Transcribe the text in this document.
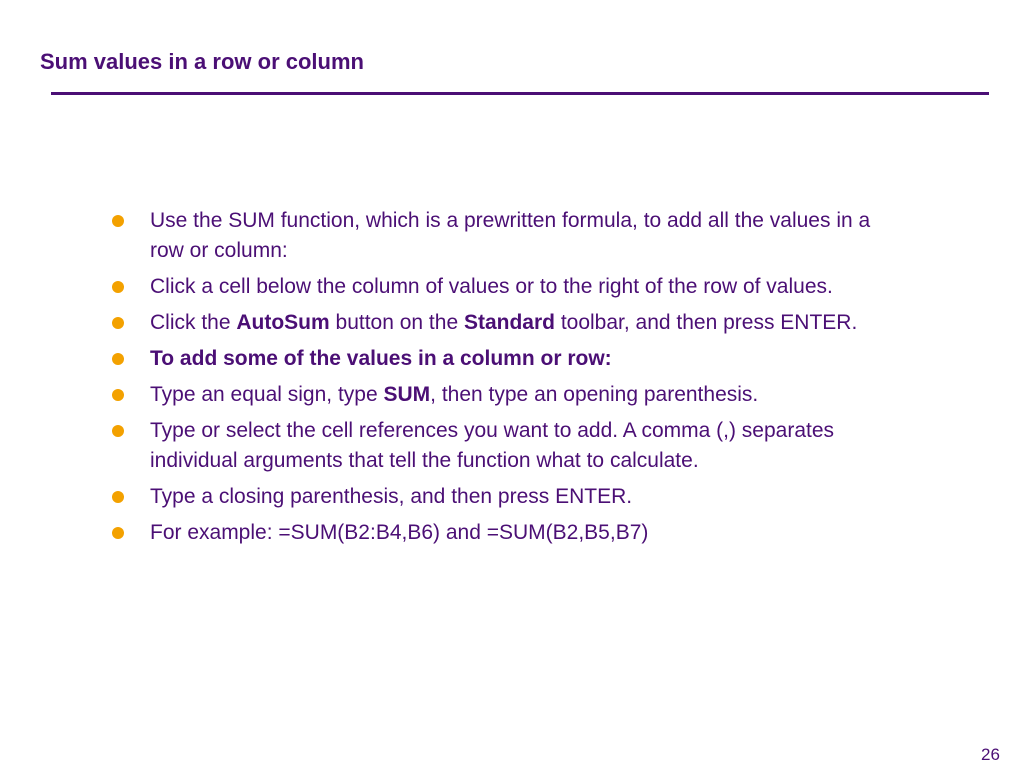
Sum values in a row or column
Use the SUM function, which is a prewritten formula, to add all the values in a row or column:
Click a cell below the column of values or to the right of the row of values.
Click the AutoSum button on the Standard toolbar, and then press ENTER.
To add some of the values in a column or row:
Type an equal sign, type SUM, then type an opening parenthesis.
Type or select the cell references you want to add. A comma (,) separates individual arguments that tell the function what to calculate.
Type a closing parenthesis, and then press ENTER.
For example: =SUM(B2:B4,B6) and =SUM(B2,B5,B7)
26
